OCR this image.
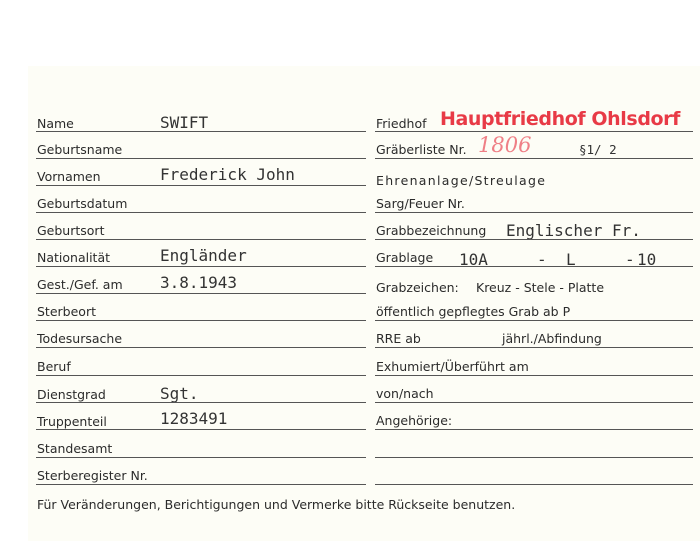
Name	SWIFT
Geburtsname
Vornamen	Frederick John
Geburtsdatum
Geburtsort
Nationalität	Engländer
Gest./Gef. am 3.8.1943
Sterbeort
Todesursache
Beruf
Dienstgrad	Sgt.
Truppenteil	1283491
Standesamt
Sterberegister Nr.
Friedhof Hauptfriedhof Ohlsdorf
Gräberliste Nr. 1806	§1/ 2
Ehrenanlage/Streulage
Sarg/Feuer Nr.
Grabbezeichnung Englischer Fr.
Grablage 10A	- L	- 10
Grabzeichen: Kreuz - Stele - Platte
öffentlich gepflegtes Grab ab P
RRE ab	jährl./Abfindung
Exhumiert/Überführt am
von/nach
Angehörige:
Für Veränderungen, Berichtigungen und Vermerke bitte Rückseite benutzen.
